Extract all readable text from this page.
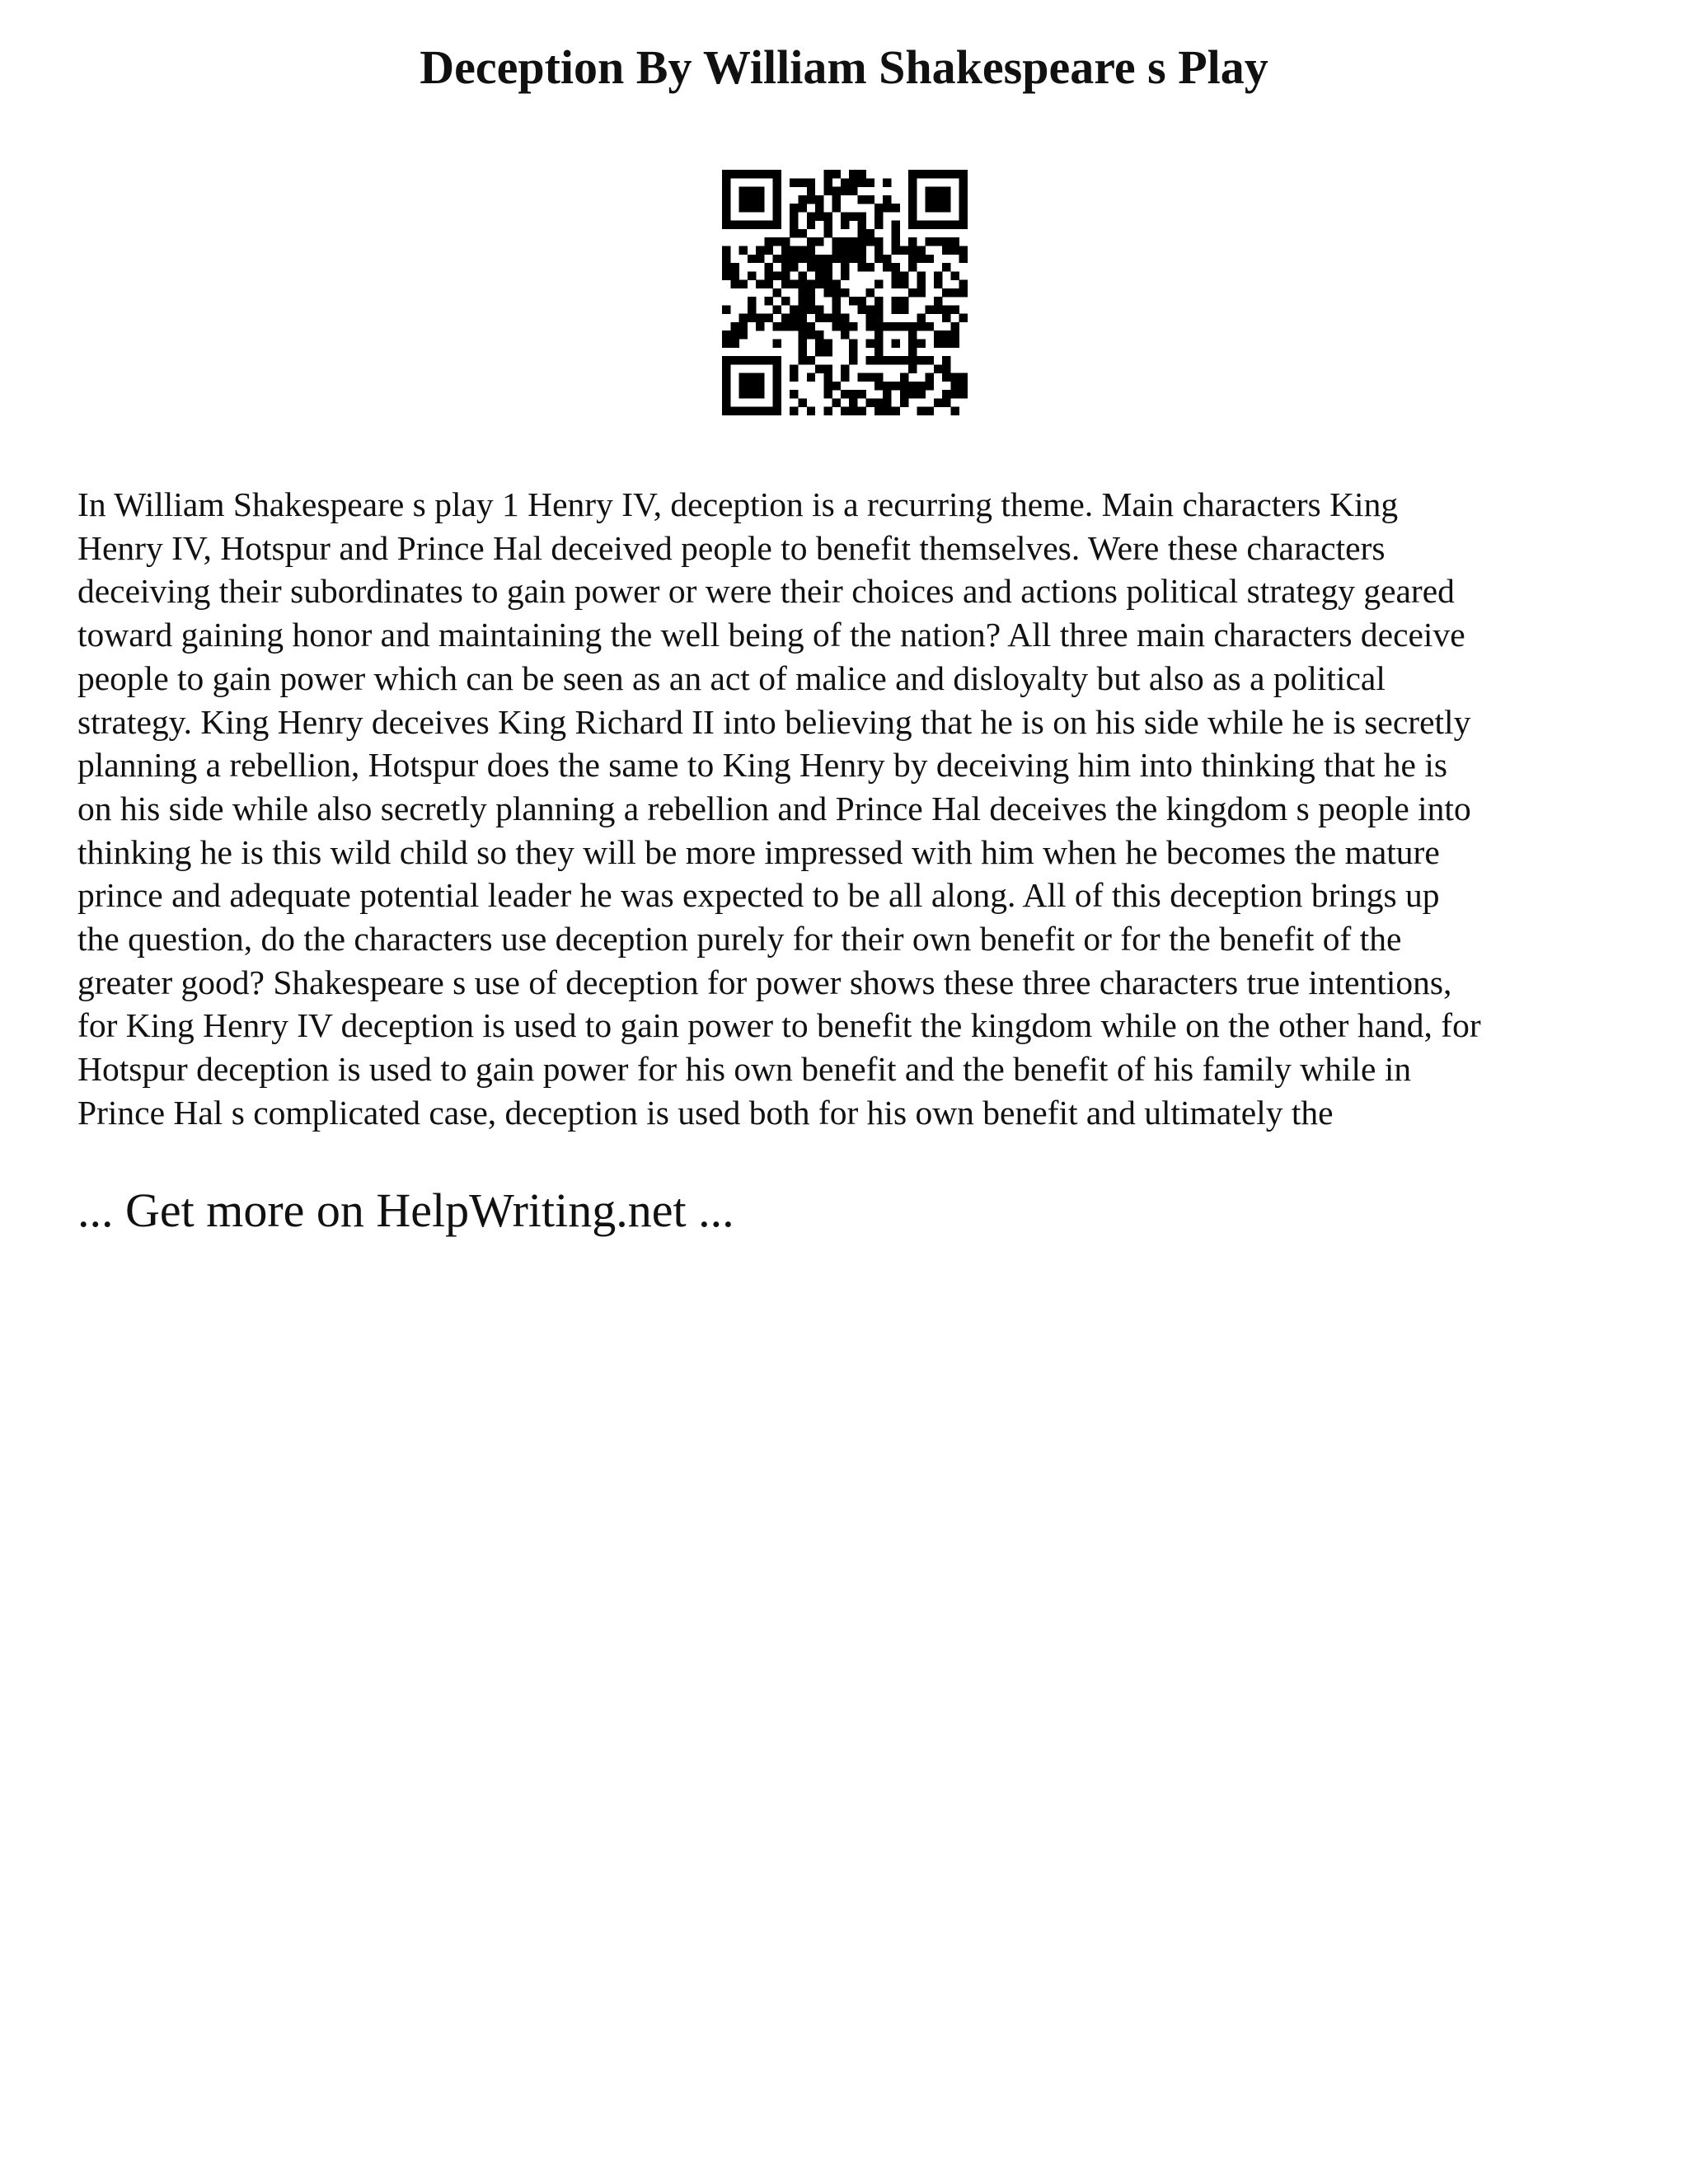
Deception By William Shakespeare s Play

In William Shakespeare s play 1 Henry IV, deception is a recurring theme. Main characters King
Henry IV, Hotspur and Prince Hal deceived people to benefit themselves. Were these characters
deceiving their subordinates to gain power or were their choices and actions political strategy geared
toward gaining honor and maintaining the well being of the nation? All three main characters deceive
people to gain power which can be seen as an act of malice and disloyalty but also as a political
strategy. King Henry deceives King Richard II into believing that he is on his side while he is secretly
planning a rebellion, Hotspur does the same to King Henry by deceiving him into thinking that he is
on his side while also secretly planning a rebellion and Prince Hal deceives the kingdom s people into
thinking he is this wild child so they will be more impressed with him when he becomes the mature
prince and adequate potential leader he was expected to be all along. All of this deception brings up
the question, do the characters use deception purely for their own benefit or for the benefit of the
greater good? Shakespeare s use of deception for power shows these three characters true intentions,
for King Henry IV deception is used to gain power to benefit the kingdom while on the other hand, for
Hotspur deception is used to gain power for his own benefit and the benefit of his family while in
Prince Hal s complicated case, deception is used both for his own benefit and ultimately the

... Get more on HelpWriting.net ...
